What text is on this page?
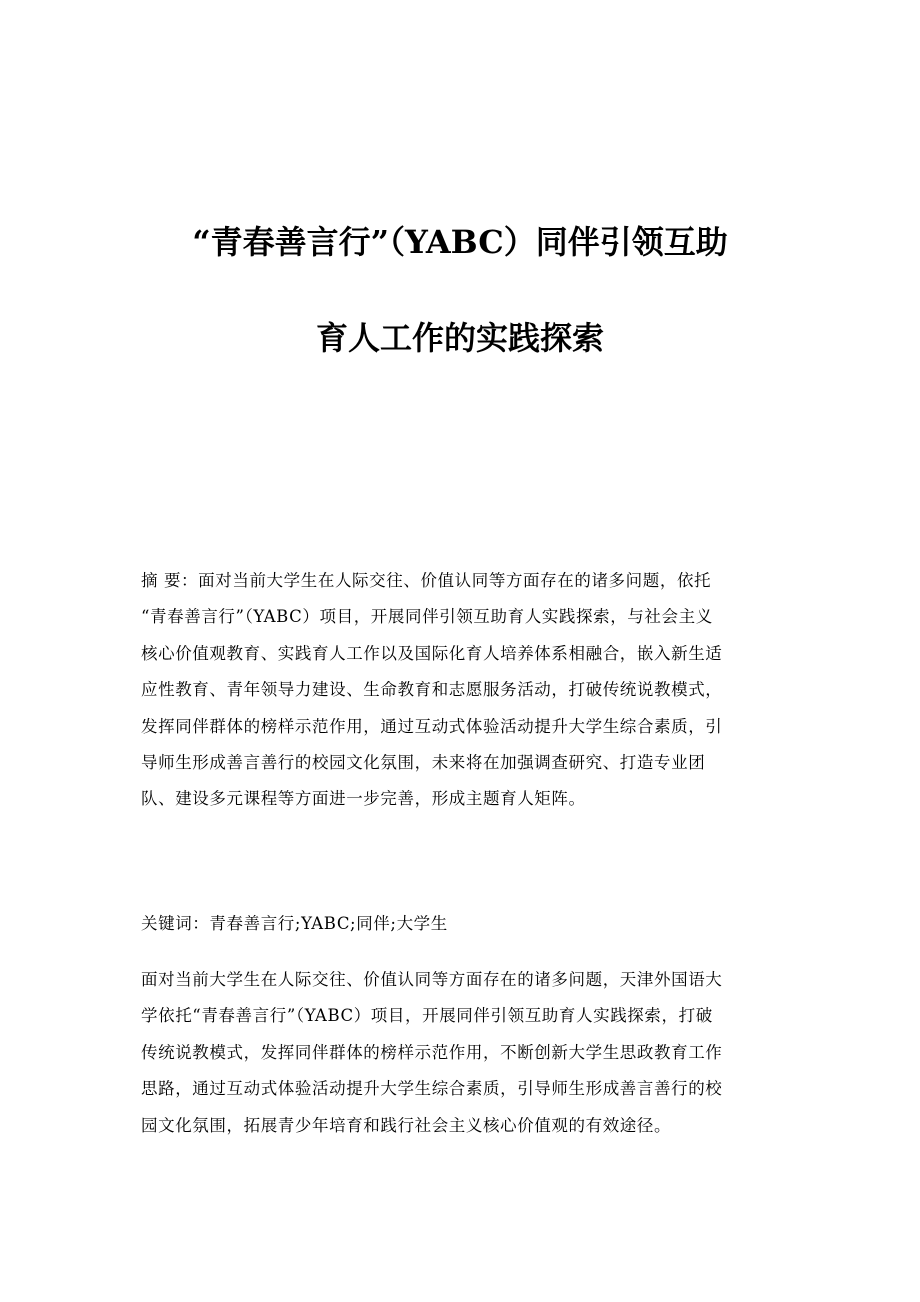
“青春善言行”（YABC）同伴引领互助
育人工作的实践探索
摘 要：面对当前大学生在人际交往、价值认同等方面存在的诸多问题，依托
“青春善言行”（YABC）项目，开展同伴引领互助育人实践探索，与社会主义
核心价值观教育、实践育人工作以及国际化育人培养体系相融合，嵌入新生适
应性教育、青年领导力建设、生命教育和志愿服务活动，打破传统说教模式，
发挥同伴群体的榜样示范作用，通过互动式体验活动提升大学生综合素质，引
导师生形成善言善行的校园文化氛围，未来将在加强调查研究、打造专业团
队、建设多元课程等方面进一步完善，形成主题育人矩阵。
关键词：青春善言行;YABC;同伴;大学生
面对当前大学生在人际交往、价值认同等方面存在的诸多问题，天津外国语大
学依托“青春善言行”（YABC）项目，开展同伴引领互助育人实践探索，打破
传统说教模式，发挥同伴群体的榜样示范作用，不断创新大学生思政教育工作
思路，通过互动式体验活动提升大学生综合素质，引导师生形成善言善行的校
园文化氛围，拓展青少年培育和践行社会主义核心价值观的有效途径。
